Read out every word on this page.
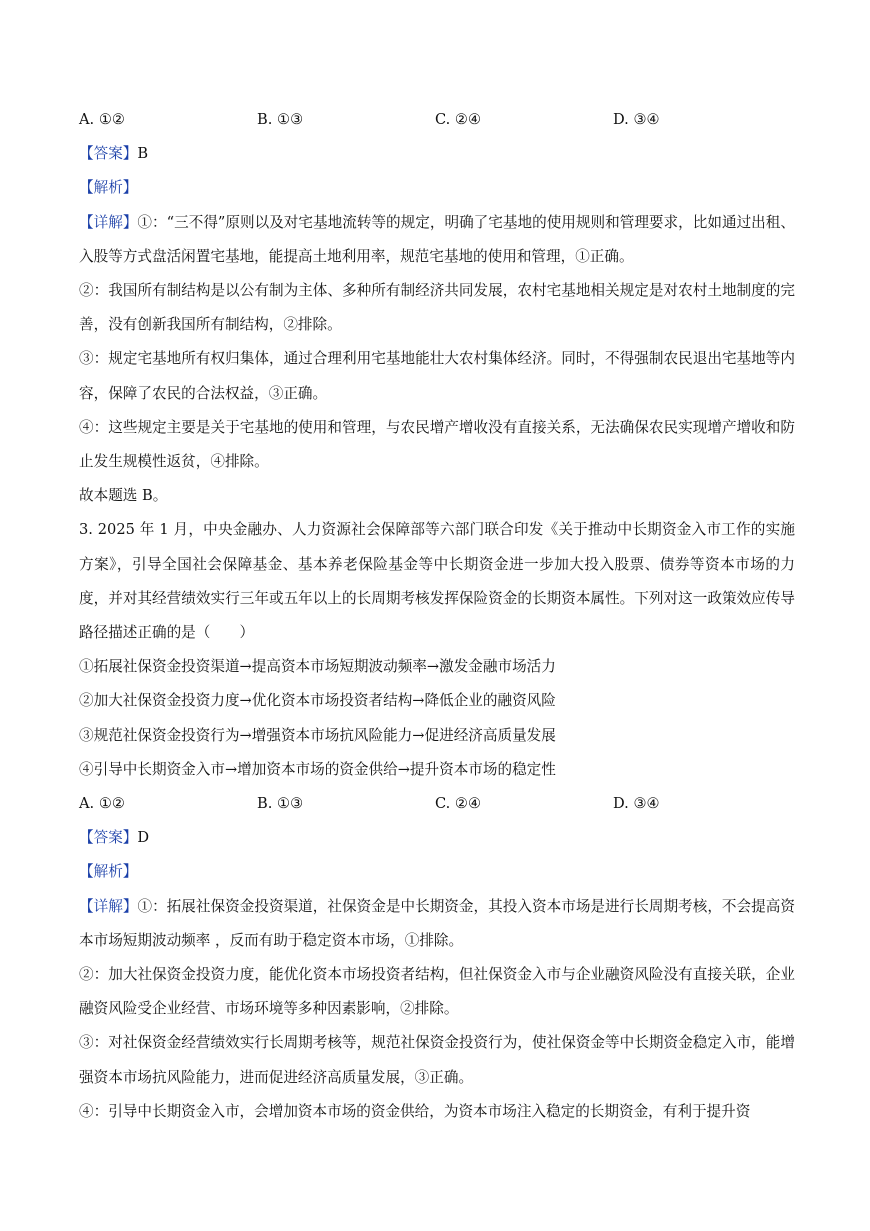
A. ①②	B. ①③	C. ②④	D. ③④
【答案】B
【解析】
【详解】①：“三不得”原则以及对宅基地流转等的规定，明确了宅基地的使用规则和管理要求，比如通过出租、入股等方式盘活闲置宅基地，能提高土地利用率，规范宅基地的使用和管理，①正确。
②：我国所有制结构是以公有制为主体、多种所有制经济共同发展，农村宅基地相关规定是对农村土地制度的完善，没有创新我国所有制结构，②排除。
③：规定宅基地所有权归集体，通过合理利用宅基地能壮大农村集体经济。同时，不得强制农民退出宅基地等内容，保障了农民的合法权益，③正确。
④：这些规定主要是关于宅基地的使用和管理，与农民增产增收没有直接关系，无法确保农民实现增产增收和防止发生规模性返贫，④排除。
故本题选 B。
3. 2025 年 1 月，中央金融办、人力资源社会保障部等六部门联合印发《关于推动中长期资金入市工作的实施方案》，引导全国社会保障基金、基本养老保险基金等中长期资金进一步加大投入股票、债券等资本市场的力度，并对其经营绩效实行三年或五年以上的长周期考核发挥保险资金的长期资本属性。下列对这一政策效应传导路径描述正确的是（　　）
①拓展社保资金投资渠道→提高资本市场短期波动频率→激发金融市场活力
②加大社保资金投资力度→优化资本市场投资者结构→降低企业的融资风险
③规范社保资金投资行为→增强资本市场抗风险能力→促进经济高质量发展
④引导中长期资金入市→增加资本市场的资金供给→提升资本市场的稳定性
A. ①②	B. ①③	C. ②④	D. ③④
【答案】D
【解析】
【详解】①：拓展社保资金投资渠道，社保资金是中长期资金，其投入资本市场是进行长周期考核，不会提高资本市场短期波动频率 ，反而有助于稳定资本市场，①排除。
②：加大社保资金投资力度，能优化资本市场投资者结构，但社保资金入市与企业融资风险没有直接关联，企业融资风险受企业经营、市场环境等多种因素影响，②排除。
③：对社保资金经营绩效实行长周期考核等，规范社保资金投资行为，使社保资金等中长期资金稳定入市，能增强资本市场抗风险能力，进而促进经济高质量发展，③正确。
④：引导中长期资金入市，会增加资本市场的资金供给，为资本市场注入稳定的长期资金，有利于提升资
